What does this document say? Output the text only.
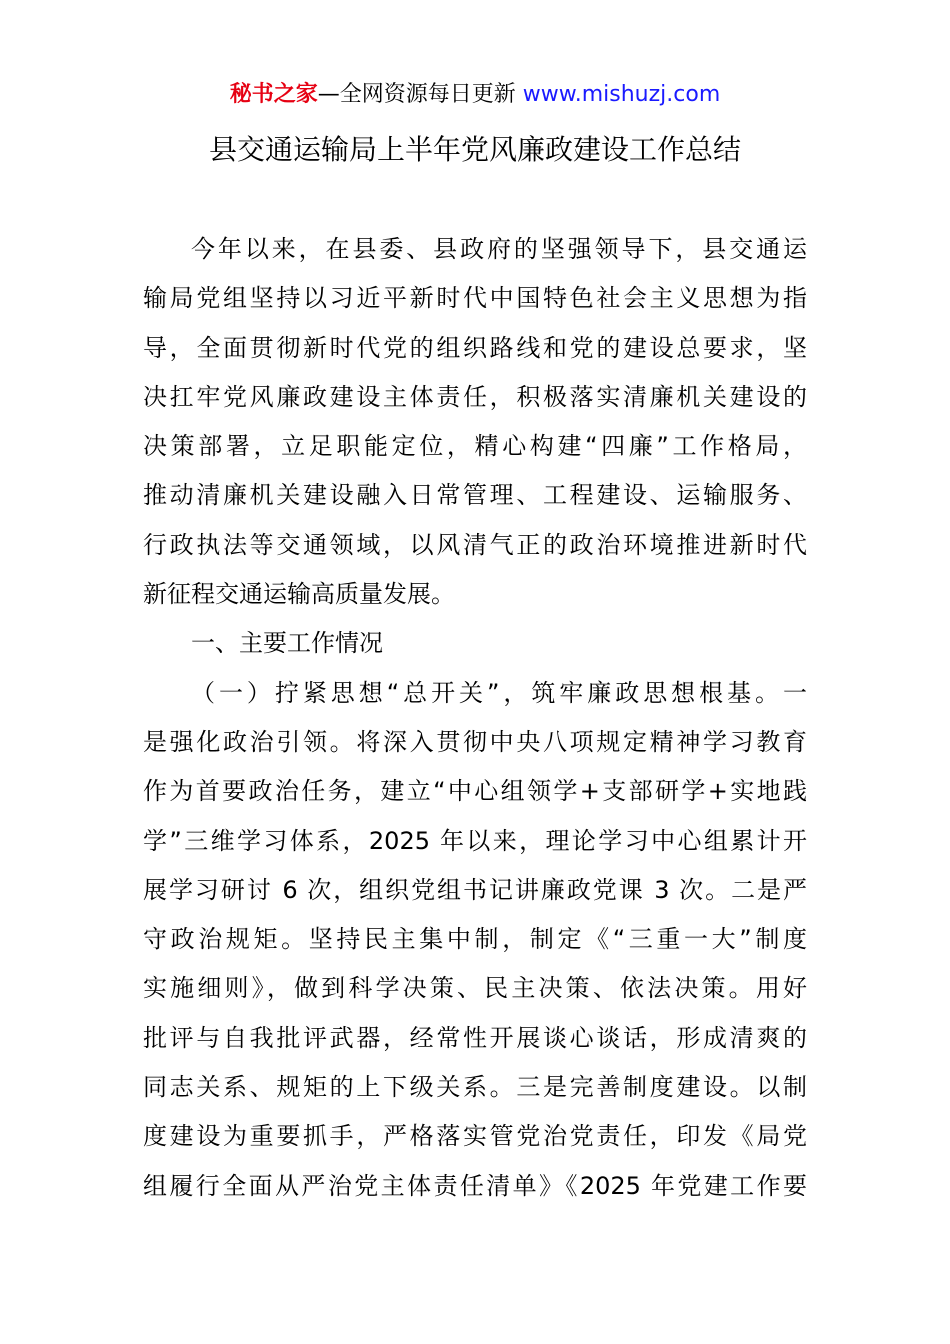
秘书之家—全网资源每日更新 www.mishuzj.com
县交通运输局上半年党风廉政建设工作总结
今年以来，在县委、县政府的坚强领导下，县交通运
输局党组坚持以习近平新时代中国特色社会主义思想为指
导，全面贯彻新时代党的组织路线和党的建设总要求，坚
决扛牢党风廉政建设主体责任，积极落实清廉机关建设的
决策部署，立足职能定位，精心构建“四廉”工作格局，
推动清廉机关建设融入日常管理、工程建设、运输服务、
行政执法等交通领域，以风清气正的政治环境推进新时代
新征程交通运输高质量发展。
一、主要工作情况
（一）拧紧思想“总开关”，筑牢廉政思想根基。一
是强化政治引领。将深入贯彻中央八项规定精神学习教育
作为首要政治任务，建立“中心组领学+支部研学+实地践
学”三维学习体系，2025 年以来，理论学习中心组累计开
展学习研讨 6 次，组织党组书记讲廉政党课 3 次。二是严
守政治规矩。坚持民主集中制，制定《“三重一大”制度
实施细则》，做到科学决策、民主决策、依法决策。用好
批评与自我批评武器，经常性开展谈心谈话，形成清爽的
同志关系、规矩的上下级关系。三是完善制度建设。以制
度建设为重要抓手，严格落实管党治党责任，印发《局党
组履行全面从严治党主体责任清单》《2025 年党建工作要
